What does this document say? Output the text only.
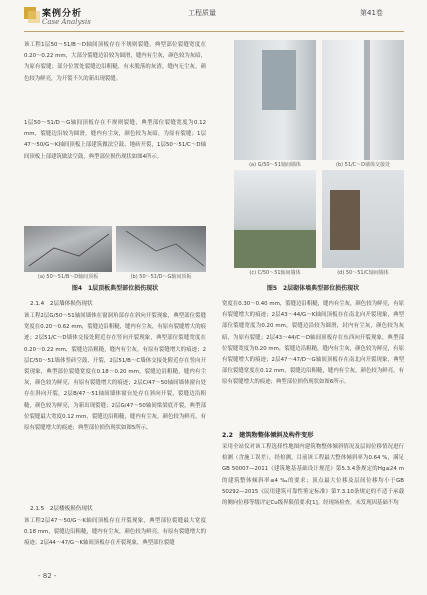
案例分析
Case Analysis
工程质量	第41卷
该工程1层50～51/B～D轴间顶板存在不规则裂缝，典型部位裂缝宽度在0.20～0.22 mm，大部分裂缝边沿较为圆滑，缝内有尘灰，颜色较为灰暗，为原有裂缝；部分位置处裂缝边沿粗糙，有未脱落的灰渣，缝内无尘灰，颜色较为鲜亮，为开裂不久的新出现裂缝。
1层50～51/D～G轴间顶板存在不规则裂缝，典型部位裂缝宽度为0.12 mm，裂缝边沿较为圆滑，缝内有尘灰，颜色较为灰暗，为原有裂缝；1层47～50/G～K轴间顶板上部建筑做法空鼓、地砖开裂，1层50～51/C～D轴间顶板上部建筑做法空鼓，典型部位损伤现状如图4所示。
(a) 50～51/B～D轴间顶板	(b) 50～51/D～G轴间顶板
图4　1层顶板典型部位损伤现状
(a) G/50～51轴间墙体	(b) 51/C～D墙体交接处
(c) C/50～51轴间墙体	(d) 50～51/C轴间墙体
图5　2层砌体墙典型部位损伤现状
2.1.4　2层墙体损伤现状
该工程2层G/50～51轴间墙体在窗洞角部存在斜向开裂现象，典型部位裂缝宽度在0.20～0.62 mm，裂缝边沿粗糙，缝内有尘灰，有原有裂缝增大的痕迹；2层51/C～D墙体交接处附近存在竖向开裂现象，典型部位裂缝宽度在0.20～0.22 mm，裂缝边沿粗糙，缝内有尘灰，有原有裂缝增大的痕迹；2层C/50～51墙体竖砖空鼓、开裂，2层51/B～C墙体交接处附近存在竖向开裂现象，典型部位裂缝宽度在0.18～0.20 mm，裂缝边沿粗糙，缝内有尘灰，颜色较为鲜亮，有原有裂缝增大的痕迹；2层C/47～50轴间墙体窗台处存在斜向开裂，2层B/47～51轴间墙体窗台处存在斜向开裂，裂缝边沿粗糙，颜色较为鲜亮，为新出现裂缝；2层G/47～50轴间梁梁底开裂，典型部位裂缝最大宽度0.12 mm，裂缝边沿粗糙，缝内有尘灰，颜色较为鲜亮，有原有裂缝增大的痕迹；典型部位损伤现状如图5所示。
2.1.5　2层楼板损伤现状
该工程2层47～50/G～K轴间顶板存在开裂现象，典型部位裂缝最大宽度0.18 mm，裂缝边沿粗糙，缝内有尘灰，颜色较为鲜亮，有原有裂缝增大的痕迹；2层44～47/G～K轴间顶板存在开裂现象，典型部位裂缝
宽度在0.30～0.40 mm，裂缝边沿粗糙，缝内有尘灰，颜色较为鲜亮，有原有裂缝增大的痕迹；2层43～44/G～K轴间顶板存在南北向开裂现象，典型部位裂缝宽度为0.20 mm，裂缝边沿较为圆滑，封内有尘灰，颜色较为灰暗，为原有裂缝；2层43～44/C～D轴间顶板存在东西向开裂现象，典型部位裂缝宽度为0.20 mm，裂缝边沿粗糙，缝内有尘灰，颜色较为鲜亮，有原有裂缝增大的痕迹；2层47～47/D～G轴间顶板存在南北向开裂现象，典型部位裂缝宽度在0.12 mm，裂缝边沿粗糙，缝内有尘灰，颜色较为鲜亮，有原有裂缝增大的痕迹；典型部位损伤现状如图6所示。
2.2　建筑物整体倾斜及构件变形
采用全站仪对该工程选择性地图内建筑物整体倾斜情况及层间位移情况进行检测（含施工误差），经检测，目前该工程最大整体倾斜率为0.64 %，满足GB 50007—2011《建筑地基基础设计规范》第5.3.4条规定的Hg≤24 m的建筑整体倾斜率≤4 ‰的要求；顶点最大位移及层间位移均小于GB 50292—2015《民用建筑可靠性鉴定标准》第7.3.10条规定的不适于承载的侧向位移等级评定Cu级界限值要求[1]。经现场检查，未发现因基础不均
- 82 -
